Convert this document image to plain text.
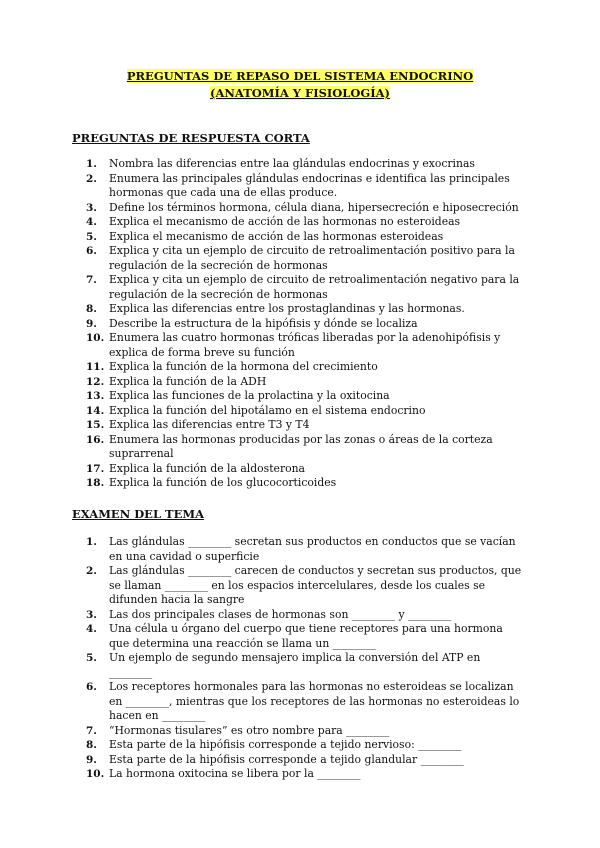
PREGUNTAS DE REPASO DEL SISTEMA ENDOCRINO (ANATOMÍA Y FISIOLOGÍA)
PREGUNTAS DE RESPUESTA CORTA
1.	Nombra las diferencias entre laa glándulas endocrinas y exocrinas
2.	Enumera las principales glándulas endocrinas e identifica las principales hormonas que cada una de ellas produce.
3.	Define los términos hormona, célula diana, hipersecreción e hiposecreción
4.	Explica el mecanismo de acción de las hormonas no esteroideas
5.	Explica el mecanismo de acción de las hormonas esteroideas
6.	Explica y cita un ejemplo de circuito de retroalimentación positivo para la regulación de la secreción de hormonas
7.	Explica y cita un ejemplo de circuito de retroalimentación negativo para la regulación de la secreción de hormonas
8.	Explica las diferencias entre los prostaglandinas y las hormonas.
9.	Describe la estructura de la hipófisis y dónde se localiza
10. Enumera las cuatro hormonas tróficas liberadas por la adenohipófisis y explica de forma breve su función
11. Explica la función de la hormona del crecimiento
12. Explica la función de la ADH
13. Explica las funciones de la prolactina y la oxitocina
14. Explica la función del hipotálamo en el sistema endocrino
15. Explica las diferencias entre T3 y T4
16. Enumera las hormonas producidas por las zonas o áreas de la corteza suprarrenal
17. Explica la función de la aldosterona
18. Explica la función de los glucocorticoides
EXAMEN DEL TEMA
1.	Las glándulas ________ secretan sus productos en conductos que se vacían en una cavidad o superficie
2.	Las glándulas ________ carecen de conductos y secretan sus productos, que se llaman ________ en los espacios intercelulares, desde los cuales se difunden hacia la sangre
3.	Las dos principales clases de hormonas son ________ y ________
4.	Una célula u órgano del cuerpo que tiene receptores para una hormona que determina una reacción se llama un ________
5.	Un ejemplo de segundo mensajero implica la conversión del ATP en ________
6.	Los receptores hormonales para las hormonas no esteroideas se localizan en ________, mientras que los receptores de las hormonas no esteroideas lo hacen en ________
7.	“Hormonas tisulares” es otro nombre para ________
8.	Esta parte de la hipófisis corresponde a tejido nervioso: ________
9.	Esta parte de la hipófisis corresponde a tejido glandular ________
10. La hormona oxitocina se libera por la ________
